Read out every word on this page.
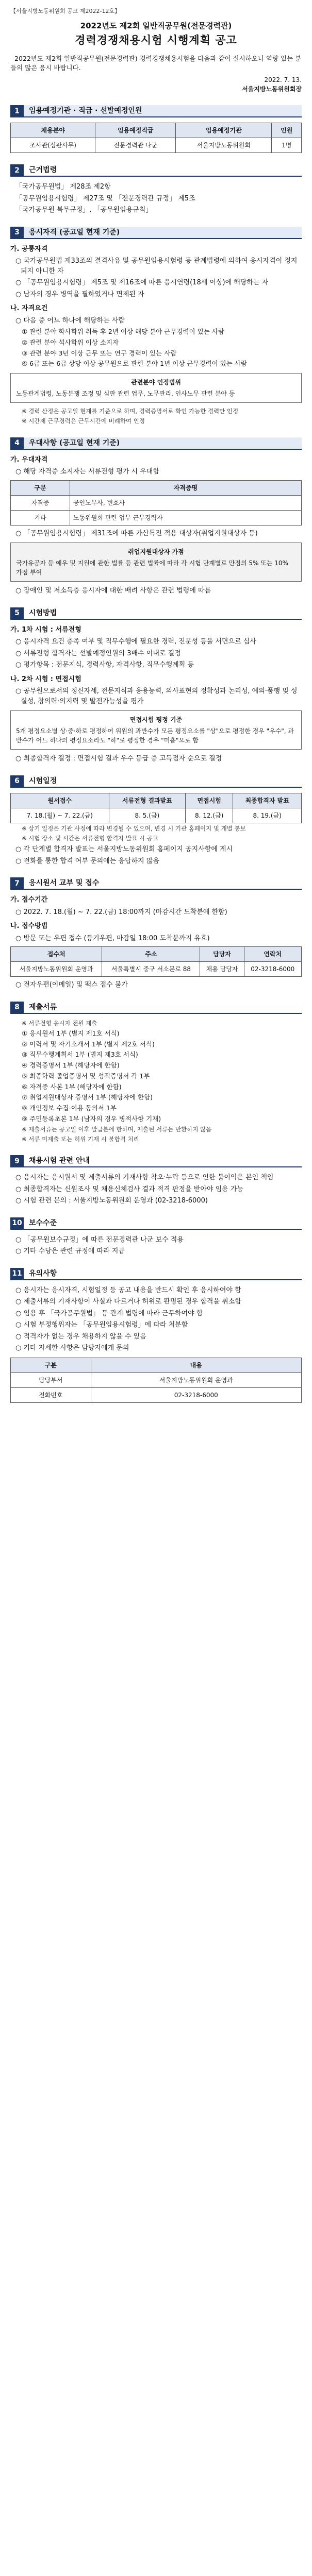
【서울지방노동위원회 공고 제2022-12호】
2022년도 제2회 일반직공무원(전문경력관)
경력경쟁채용시험 시행계획 공고
2022년도 제2회 일반직공무원(전문경력관) 경력경쟁채용시험을 다음과 같이 실시하오니 역량 있는 분들의 많은 응시 바랍니다.
2022. 7. 13.
서울지방노동위원회장
1	임용예정기관 · 직급 · 선발예정인원
채용분야	임용예정직급	임용예정기관	인원
조사관(심판사무)	전문경력관 나군	서울지방노동위원회	1명
2	근거법령
「국가공무원법」 제28조 제2항
「공무원임용시험령」 제27조 및 「전문경력관 규정」 제5조
「국가공무원 복무규정」, 「공무원임용규칙」
3	응시자격 (공고일 현재 기준)
가. 공통자격
○ 국가공무원법 제33조의 결격사유 및 공무원임용시험령 등 관계법령에 의하여 응시자격이 정지되지 아니한 자
○ 「공무원임용시험령」 제5조 및 제16조에 따른 응시연령(18세 이상)에 해당하는 자
○ 남자의 경우 병역을 필하였거나 면제된 자
나. 자격요건
○ 다음 중 어느 하나에 해당하는 사람
① 관련 분야 학사학위 취득 후 2년 이상 해당 분야 근무경력이 있는 사람
② 관련 분야 석사학위 이상 소지자
③ 관련 분야 3년 이상 근무 또는 연구 경력이 있는 사람
④ 6급 또는 6급 상당 이상 공무원으로 관련 분야 1년 이상 근무경력이 있는 사람
관련분야 인정범위
노동관계법령, 노동분쟁 조정 및 심판 관련 업무, 노무관리, 인사노무 관련 분야 등
※ 경력 산정은 공고일 현재를 기준으로 하며, 경력증명서로 확인 가능한 경력만 인정
※ 시간제 근무경력은 근무시간에 비례하여 인정
4	우대사항 (공고일 현재 기준)
가. 우대자격
○ 해당 자격증 소지자는 서류전형 평가 시 우대함
구분	자격증명
자격증	공인노무사, 변호사
기타	노동위원회 관련 업무 근무경력자
○ 「공무원임용시험령」 제31조에 따른 가산특전 적용 대상자(취업지원대상자 등)
취업지원대상자 가점
국가유공자 등 예우 및 지원에 관한 법률 등 관련 법률에 따라 각 시험 단계별로 만점의 5% 또는 10% 가점 부여
○ 장애인 및 저소득층 응시자에 대한 배려 사항은 관련 법령에 따름
5	시험방법
가. 1차 시험 : 서류전형
○ 응시자격 요건 충족 여부 및 직무수행에 필요한 경력, 전문성 등을 서면으로 심사
○ 서류전형 합격자는 선발예정인원의 3배수 이내로 결정
○ 평가항목 : 전문지식, 경력사항, 자격사항, 직무수행계획 등
나. 2차 시험 : 면접시험
○ 공무원으로서의 정신자세, 전문지식과 응용능력, 의사표현의 정확성과 논리성, 예의·품행 및 성실성, 창의력·의지력 및 발전가능성을 평가
면접시험 평정 기준
5개 평정요소별 상·중·하로 평정하여 위원의 과반수가 모든 평정요소를 "상"으로 평정한 경우 "우수", 과반수가 어느 하나의 평정요소라도 "하"로 평정한 경우 "미흡"으로 함
○ 최종합격자 결정 : 면접시험 결과 우수 등급 중 고득점자 순으로 결정
6	시험일정
원서접수	서류전형 결과발표	면접시험	최종합격자 발표
7. 18.(월) ~ 7. 22.(금)	8. 5.(금)	8. 12.(금)	8. 19.(금)
※ 상기 일정은 기관 사정에 따라 변경될 수 있으며, 변경 시 기관 홈페이지 및 개별 통보
※ 시험 장소 및 시간은 서류전형 합격자 발표 시 공고
○ 각 단계별 합격자 발표는 서울지방노동위원회 홈페이지 공지사항에 게시
○ 전화를 통한 합격 여부 문의에는 응답하지 않음
7	응시원서 교부 및 접수
가. 접수기간
○ 2022. 7. 18.(월) ~ 7. 22.(금) 18:00까지 (마감시간 도착분에 한함)
나. 접수방법
○ 방문 또는 우편 접수 (등기우편, 마감일 18:00 도착분까지 유효)
접수처	주소	담당자	연락처
서울지방노동위원회 운영과	서울특별시 중구 서소문로 88	채용 담당자	02-3218-6000
○ 전자우편(이메일) 및 팩스 접수 불가
8	제출서류
※ 서류전형 응시자 전원 제출
① 응시원서 1부 (별지 제1호 서식)
② 이력서 및 자기소개서 1부 (별지 제2호 서식)
③ 직무수행계획서 1부 (별지 제3호 서식)
④ 경력증명서 1부 (해당자에 한함)
⑤ 최종학력 졸업증명서 및 성적증명서 각 1부
⑥ 자격증 사본 1부 (해당자에 한함)
⑦ 취업지원대상자 증명서 1부 (해당자에 한함)
⑧ 개인정보 수집·이용 동의서 1부
⑨ 주민등록초본 1부 (남자의 경우 병적사항 기재)
※ 제출서류는 공고일 이후 발급분에 한하며, 제출된 서류는 반환하지 않음
※ 서류 미제출 또는 허위 기재 시 불합격 처리
9	채용시험 관련 안내
○ 응시자는 응시원서 및 제출서류의 기재사항 착오·누락 등으로 인한 불이익은 본인 책임
○ 최종합격자는 신원조사 및 채용신체검사 결과 적격 판정을 받아야 임용 가능
○ 시험 관련 문의 : 서울지방노동위원회 운영과 (02-3218-6000)
10 보수수준
○ 「공무원보수규정」에 따른 전문경력관 나군 보수 적용
○ 기타 수당은 관련 규정에 따라 지급
11 유의사항
○ 응시자는 응시자격, 시험일정 등 공고 내용을 반드시 확인 후 응시하여야 함
○ 제출서류의 기재사항이 사실과 다르거나 허위로 판명된 경우 합격을 취소함
○ 임용 후 「국가공무원법」 등 관계 법령에 따라 근무하여야 함
○ 시험 부정행위자는 「공무원임용시험령」에 따라 처분함
○ 적격자가 없는 경우 채용하지 않을 수 있음
○ 기타 자세한 사항은 담당자에게 문의
구분	내용
담당부서	서울지방노동위원회 운영과
전화번호	02-3218-6000
